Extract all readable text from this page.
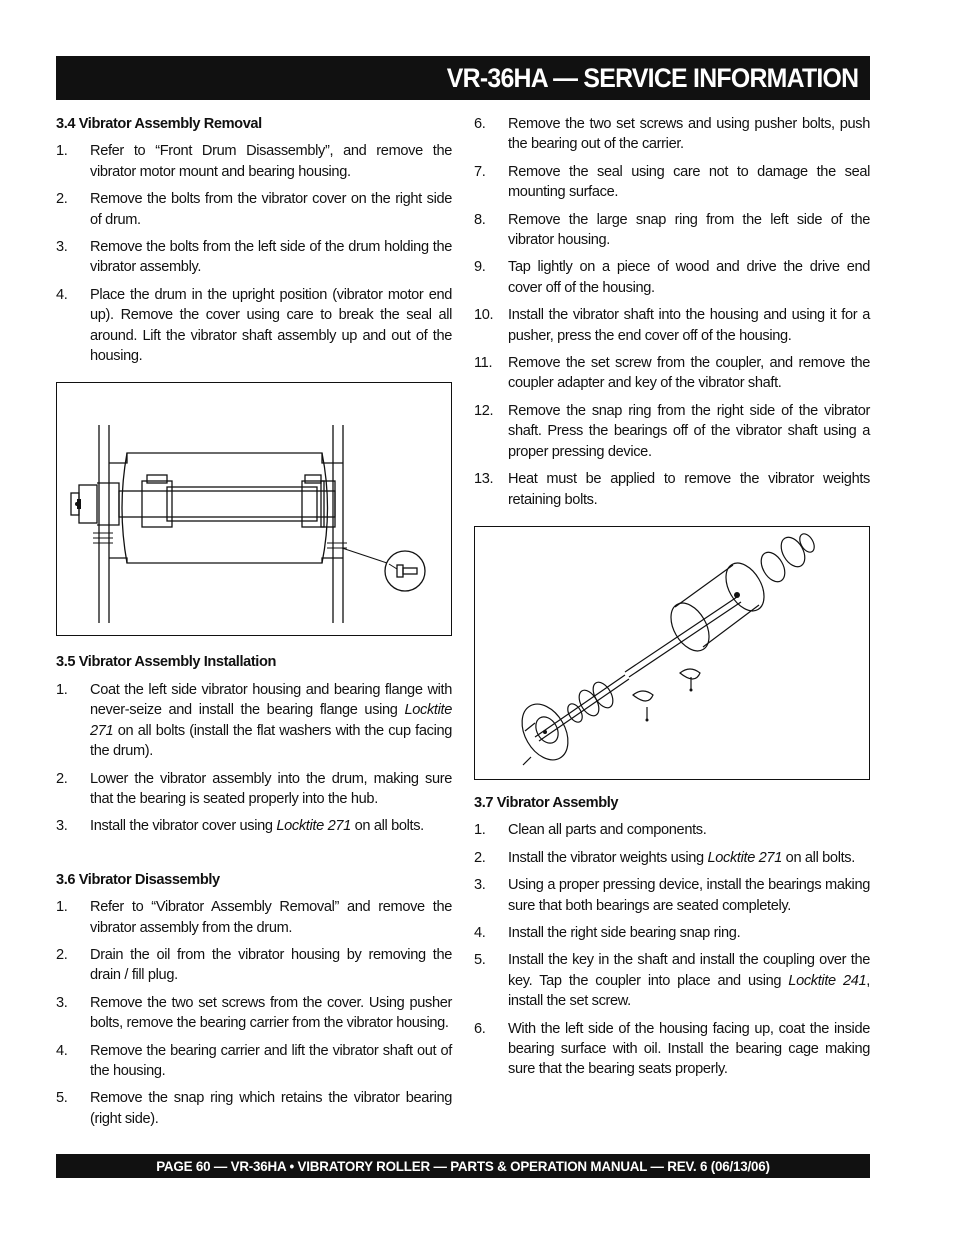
VR-36HA — SERVICE INFORMATION

3.4 Vibrator Assembly Removal

1.	Refer to “Front Drum Disassembly”, and remove the vibrator motor mount and bearing housing.
2.	Remove the bolts from the vibrator cover on the right side of drum.
3.	Remove the bolts from the left side of the drum holding the vibrator assembly.
4.	Place the drum in the upright position (vibrator motor end up). Remove the cover using care to break the seal all around. Lift the vibrator shaft assembly up and out of the housing.

3.5 Vibrator Assembly Installation

1.	Coat the left side vibrator housing and bearing flange with never-seize and install the bearing flange using Locktite 271 on all bolts (install the flat washers with the cup facing the drum).
2.	Lower the vibrator assembly into the drum, making sure that the bearing is seated properly into the hub.
3.	Install the vibrator cover using Locktite 271 on all bolts.

3.6 Vibrator Disassembly

1.	Refer to “Vibrator Assembly Removal” and remove the vibrator assembly from the drum.
2.	Drain the oil from the vibrator housing by removing the drain / fill plug.
3.	Remove the two set screws from the cover. Using pusher bolts, remove the bearing carrier from the vibrator housing.
4.	Remove the bearing carrier and lift the vibrator shaft out of the housing.
5.	Remove the snap ring which retains the vibrator bearing (right side).
6.	Remove the two set screws and using pusher bolts, push the bearing out of the carrier.
7.	Remove the seal using care not to damage the seal mounting surface.
8.	Remove the large snap ring from the left side of the vibrator housing.
9.	Tap lightly on a piece of wood and drive the drive end cover off of the housing.
10.	Install the vibrator shaft into the housing and using it for a pusher, press the end cover off of the housing.
11.	Remove the set screw from the coupler, and remove the coupler adapter and key of the vibrator shaft.
12.	Remove the snap ring from the right side of the vibrator shaft. Press the bearings off of the vibrator shaft using a proper pressing device.
13.	Heat must be applied to remove the vibrator weights retaining bolts.

3.7 Vibrator Assembly

1.	Clean all parts and components.
2.	Install the vibrator weights using Locktite 271 on all bolts.
3.	Using a proper pressing device, install the bearings making sure that both bearings are seated completely.
4.	Install the right side bearing snap ring.
5.	Install the key in the shaft and install the coupling over the key. Tap the coupler into place and using Locktite 241, install the set screw.
6.	With the left side of the housing facing up, coat the inside bearing surface with oil. Install the bearing cage making sure that the bearing seats properly.
PAGE 60 — VR-36HA • VIBRATORY ROLLER — PARTS & OPERATION MANUAL — REV. 6 (06/13/06)
